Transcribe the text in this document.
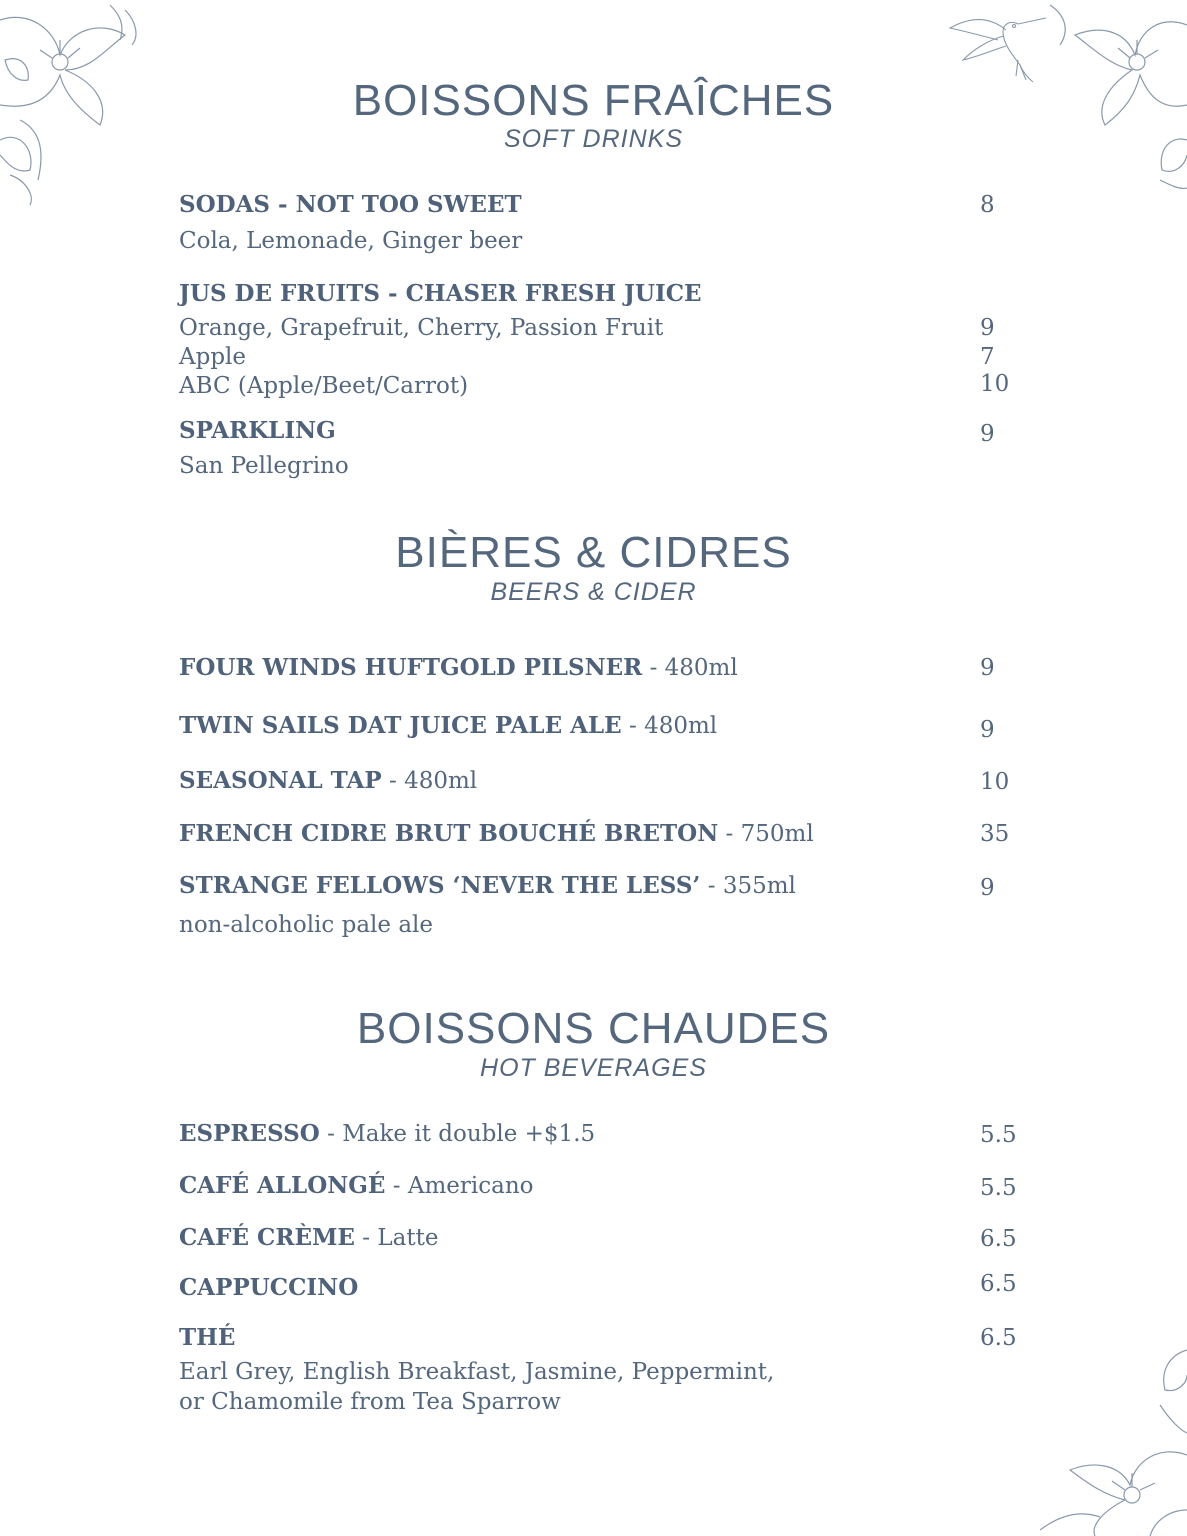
BOISSONS FRAÎCHES
SOFT DRINKS
SODAS - NOT TOO SWEET	8
Cola, Lemonade, Ginger beer
JUS DE FRUITS - CHASER FRESH JUICE
Orange, Grapefruit, Cherry, Passion Fruit	9
Apple	7
ABC (Apple/Beet/Carrot)	10
SPARKLING	9
San Pellegrino
BIÈRES & CIDRES
BEERS & CIDER
FOUR WINDS HUFTGOLD PILSNER - 480ml	9
TWIN SAILS DAT JUICE PALE ALE - 480ml	9
SEASONAL TAP - 480ml	10
FRENCH CIDRE BRUT BOUCHÉ BRETON - 750ml	35
STRANGE FELLOWS ‘NEVER THE LESS’ - 355ml	9
non-alcoholic pale ale
BOISSONS CHAUDES
HOT BEVERAGES
ESPRESSO - Make it double +$1.5	5.5
CAFÉ ALLONGÉ - Americano	5.5
CAFÉ CRÈME - Latte	6.5
CAPPUCCINO	6.5
THÉ	6.5
Earl Grey, English Breakfast, Jasmine, Peppermint,
or Chamomile from Tea Sparrow
